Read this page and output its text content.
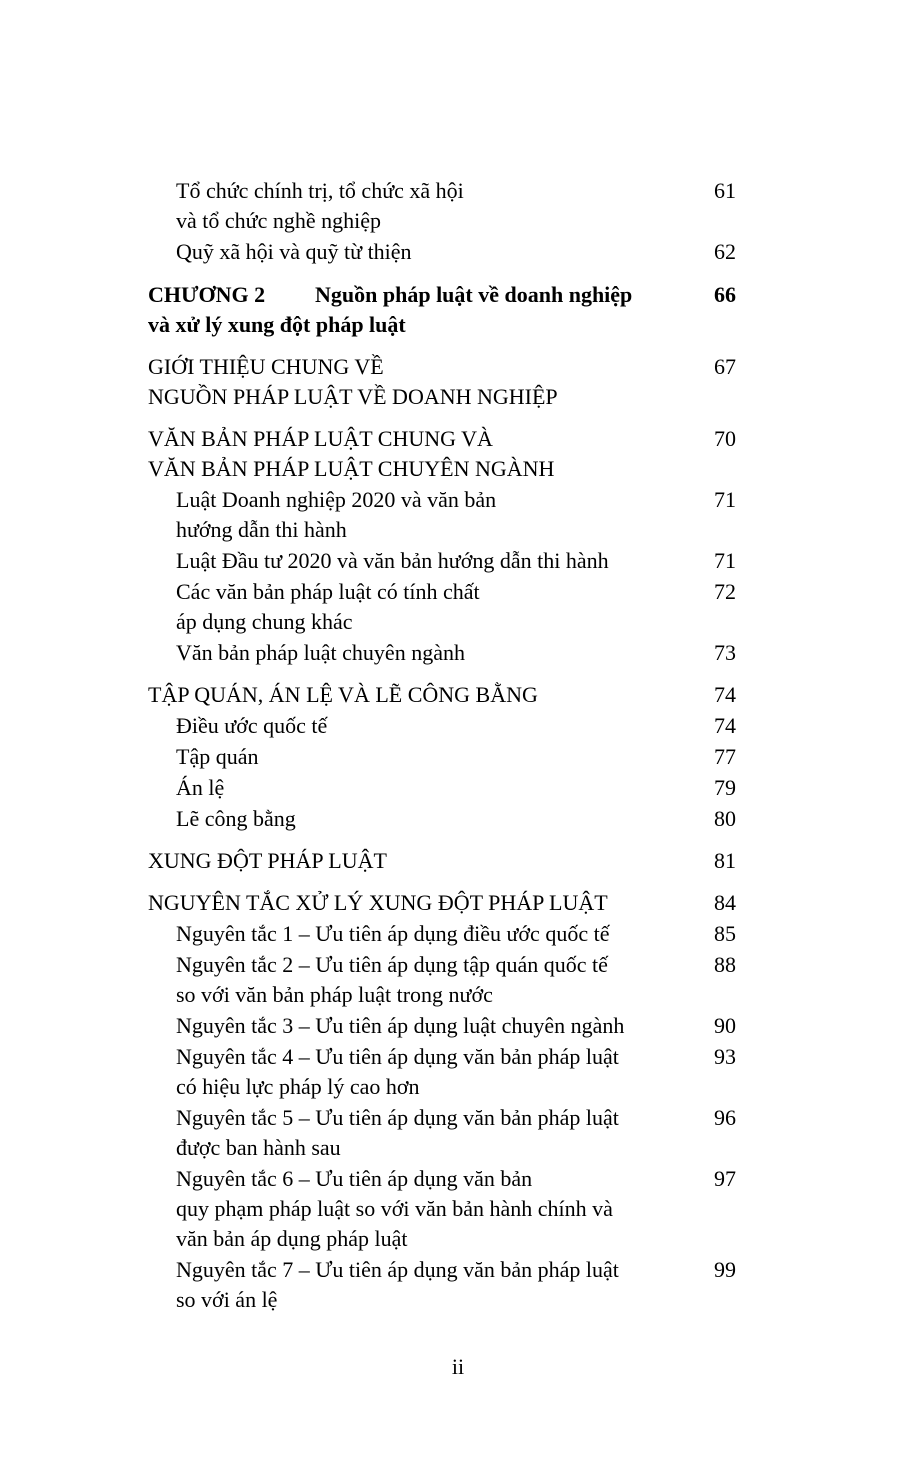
Tổ chức chính trị, tổ chức xã hội	61
và tổ chức nghề nghiệp
Quỹ xã hội và quỹ từ thiện	62
CHƯƠNG 2 Nguồn pháp luật về doanh nghiệp	66
và xử lý xung đột pháp luật
GIỚI THIỆU CHUNG VỀ	67
NGUỒN PHÁP LUẬT VỀ DOANH NGHIỆP
VĂN BẢN PHÁP LUẬT CHUNG VÀ	70
VĂN BẢN PHÁP LUẬT CHUYÊN NGÀNH
Luật Doanh nghiệp 2020 và văn bản	71
hướng dẫn thi hành
Luật Đầu tư 2020 và văn bản hướng dẫn thi hành	71
Các văn bản pháp luật có tính chất	72
áp dụng chung khác
Văn bản pháp luật chuyên ngành	73
TẬP QUÁN, ÁN LỆ VÀ LẼ CÔNG BẰNG	74
Điều ước quốc tế	74
Tập quán	77
Án lệ	79
Lẽ công bằng	80
XUNG ĐỘT PHÁP LUẬT	81
NGUYÊN TẮC XỬ LÝ XUNG ĐỘT PHÁP LUẬT	84
Nguyên tắc 1 – Ưu tiên áp dụng điều ước quốc tế	85
Nguyên tắc 2 – Ưu tiên áp dụng tập quán quốc tế	88
so với văn bản pháp luật trong nước
Nguyên tắc 3 – Ưu tiên áp dụng luật chuyên ngành	90
Nguyên tắc 4 – Ưu tiên áp dụng văn bản pháp luật	93
có hiệu lực pháp lý cao hơn
Nguyên tắc 5 – Ưu tiên áp dụng văn bản pháp luật	96
được ban hành sau
Nguyên tắc 6 – Ưu tiên áp dụng văn bản	97
quy phạm pháp luật so với văn bản hành chính và
văn bản áp dụng pháp luật
Nguyên tắc 7 – Ưu tiên áp dụng văn bản pháp luật	99
so với án lệ
ii
